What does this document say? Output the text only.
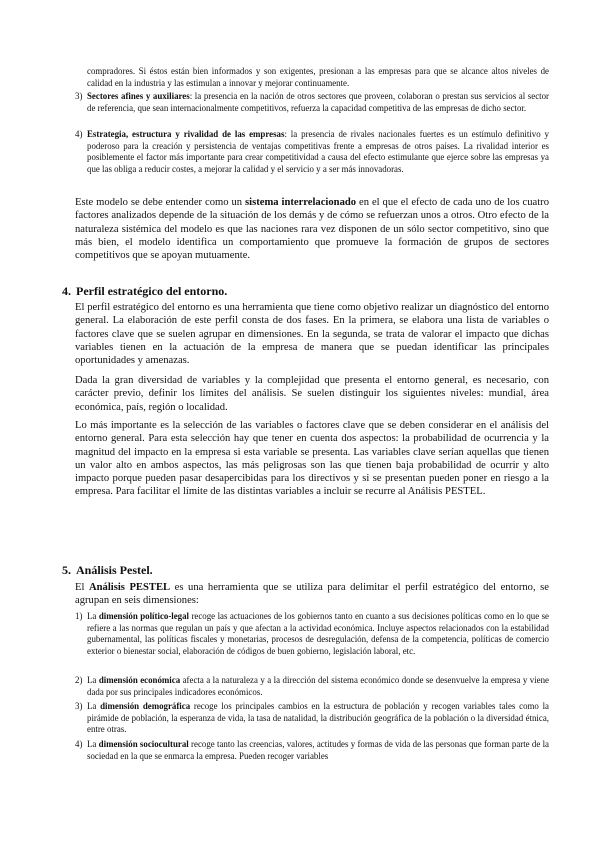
compradores. Si éstos están bien informados y son exigentes, presionan a las empresas para que se alcance altos niveles de calidad en la industria y las estimulan a innovar y mejorar continuamente.
3) Sectores afines y auxiliares: la presencia en la nación de otros sectores que proveen, colaboran o prestan sus servicios al sector de referencia, que sean internacionalmente competitivos, refuerza la capacidad competitiva de las empresas de dicho sector.
4) Estrategia, estructura y rivalidad de las empresas: la presencia de rivales nacionales fuertes es un estímulo definitivo y poderoso para la creación y persistencia de ventajas competitivas frente a empresas de otros países. La rivalidad interior es posiblemente el factor más importante para crear competitividad a causa del efecto estimulante que ejerce sobre las empresas ya que las obliga a reducir costes, a mejorar la calidad y el servicio y a ser más innovadoras.
Este modelo se debe entender como un sistema interrelacionado en el que el efecto de cada uno de los cuatro factores analizados depende de la situación de los demás y de cómo se refuerzan unos a otros. Otro efecto de la naturaleza sistémica del modelo es que las naciones rara vez disponen de un sólo sector competitivo, sino que más bien, el modelo identifica un comportamiento que promueve la formación de grupos de sectores competitivos que se apoyan mutuamente.
4. Perfil estratégico del entorno.
El perfil estratégico del entorno es una herramienta que tiene como objetivo realizar un diagnóstico del entorno general. La elaboración de este perfil consta de dos fases. En la primera, se elabora una lista de variables o factores clave que se suelen agrupar en dimensiones. En la segunda, se trata de valorar el impacto que dichas variables tienen en la actuación de la empresa de manera que se puedan identificar las principales oportunidades y amenazas.
Dada la gran diversidad de variables y la complejidad que presenta el entorno general, es necesario, con carácter previo, definir los límites del análisis. Se suelen distinguir los siguientes niveles: mundial, área económica, país, región o localidad.
Lo más importante es la selección de las variables o factores clave que se deben considerar en el análisis del entorno general. Para esta selección hay que tener en cuenta dos aspectos: la probabilidad de ocurrencia y la magnitud del impacto en la empresa si esta variable se presenta. Las variables clave serían aquellas que tienen un valor alto en ambos aspectos, las más peligrosas son las que tienen baja probabilidad de ocurrir y alto impacto porque pueden pasar desapercibidas para los directivos y si se presentan pueden poner en riesgo a la empresa. Para facilitar el límite de las distintas variables a incluir se recurre al Análisis PESTEL.
5. Análisis Pestel.
El Análisis PESTEL es una herramienta que se utiliza para delimitar el perfil estratégico del entorno, se agrupan en seis dimensiones:
1) La dimensión político-legal recoge las actuaciones de los gobiernos tanto en cuanto a sus decisiones políticas como en lo que se refiere a las normas que regulan un país y que afectan a la actividad económica. Incluye aspectos relacionados con la estabilidad gubernamental, las políticas fiscales y monetarias, procesos de desregulación, defensa de la competencia, políticas de comercio exterior o bienestar social, elaboración de códigos de buen gobierno, legislación laboral, etc.
2) La dimensión económica afecta a la naturaleza y a la dirección del sistema económico donde se desenvuelve la empresa y viene dada por sus principales indicadores económicos.
3) La dimensión demográfica recoge los principales cambios en la estructura de población y recogen variables tales como la pirámide de población, la esperanza de vida, la tasa de natalidad, la distribución geográfica de la población o la diversidad étnica, entre otras.
4) La dimensión sociocultural recoge tanto las creencias, valores, actitudes y formas de vida de las personas que forman parte de la sociedad en la que se enmarca la empresa. Pueden recoger variables
